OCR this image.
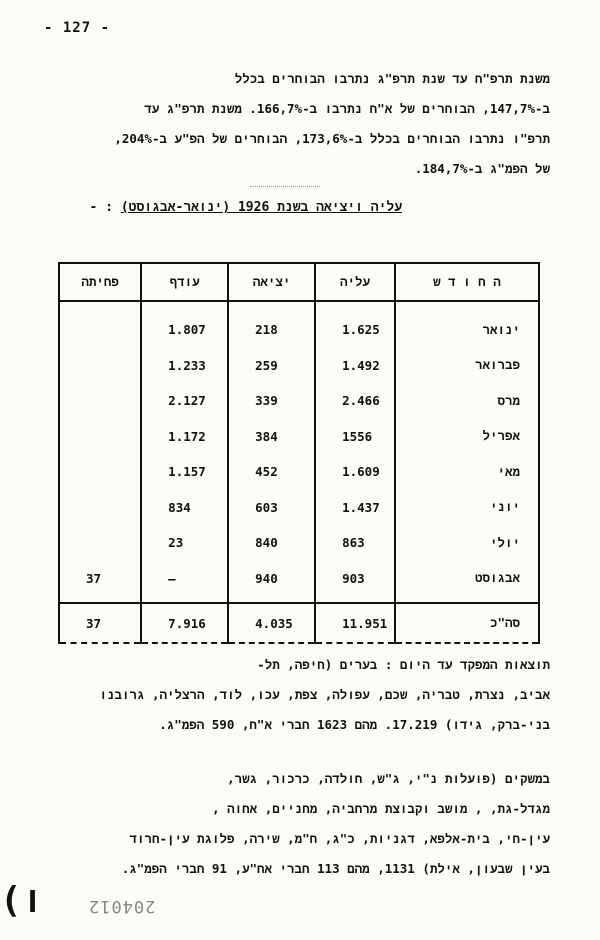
- 127 -
משנת תרפ"ח עד שנת תרפ"ג נתרבו הבוחרים בכלל
ב-147,7%, הבוחרים של א"ח נתרבו ב-166,7%. משנת תרפ"ג עד
תרפ"ו נתרבו הבוחרים בכלל ב-173,6%, הבוחרים של הפ"ע ב-204%,
של הפמ"ג ב-184,7%.
עליה ויציאה בשנת 1926 (ינואר-אבגוסט) : -
ה ח ו ד ש	עליה	יציאה	עודף	פחיתה
ינואר	1.625	218	1.807	
פברואר	1.492	259	1.233	
מרס	2.466	339	2.127	
אפריל	1556	384	1.172	
מאי	1.609	452	1.157	
יוני	1.437	603	834	
יולי	863	840	23	
אבגוסט	903	940	—	37
סה"כ	11.951	4.035	7.916	37
תוצאות המפקד עד היום : בערים (חיפה, תל-
אביב, נצרת, טבריה, שכם, עפולה, צפת, עכו, לוד, הרצליה, גרובנו
בני-ברק, גידו) 17.219. מהם 1623 חברי א"ח, 590 הפמ"ג.
במשקים (פועלות נ"י, ג"ש, חולדה, כרכור, גשר,
מגדל-גת, , מושב וקבוצת מרחביה, מחניים, אחוה ,
עין-חי, בית-אלפא, דגניות, כ"ג, ח"מ, שירה, פלוגת עין-חרוד
בעין שבעון, אילת) 1131, מהם 113 חברי אח"ע, 91 חברי הפמ"ג.
204012
(ו
